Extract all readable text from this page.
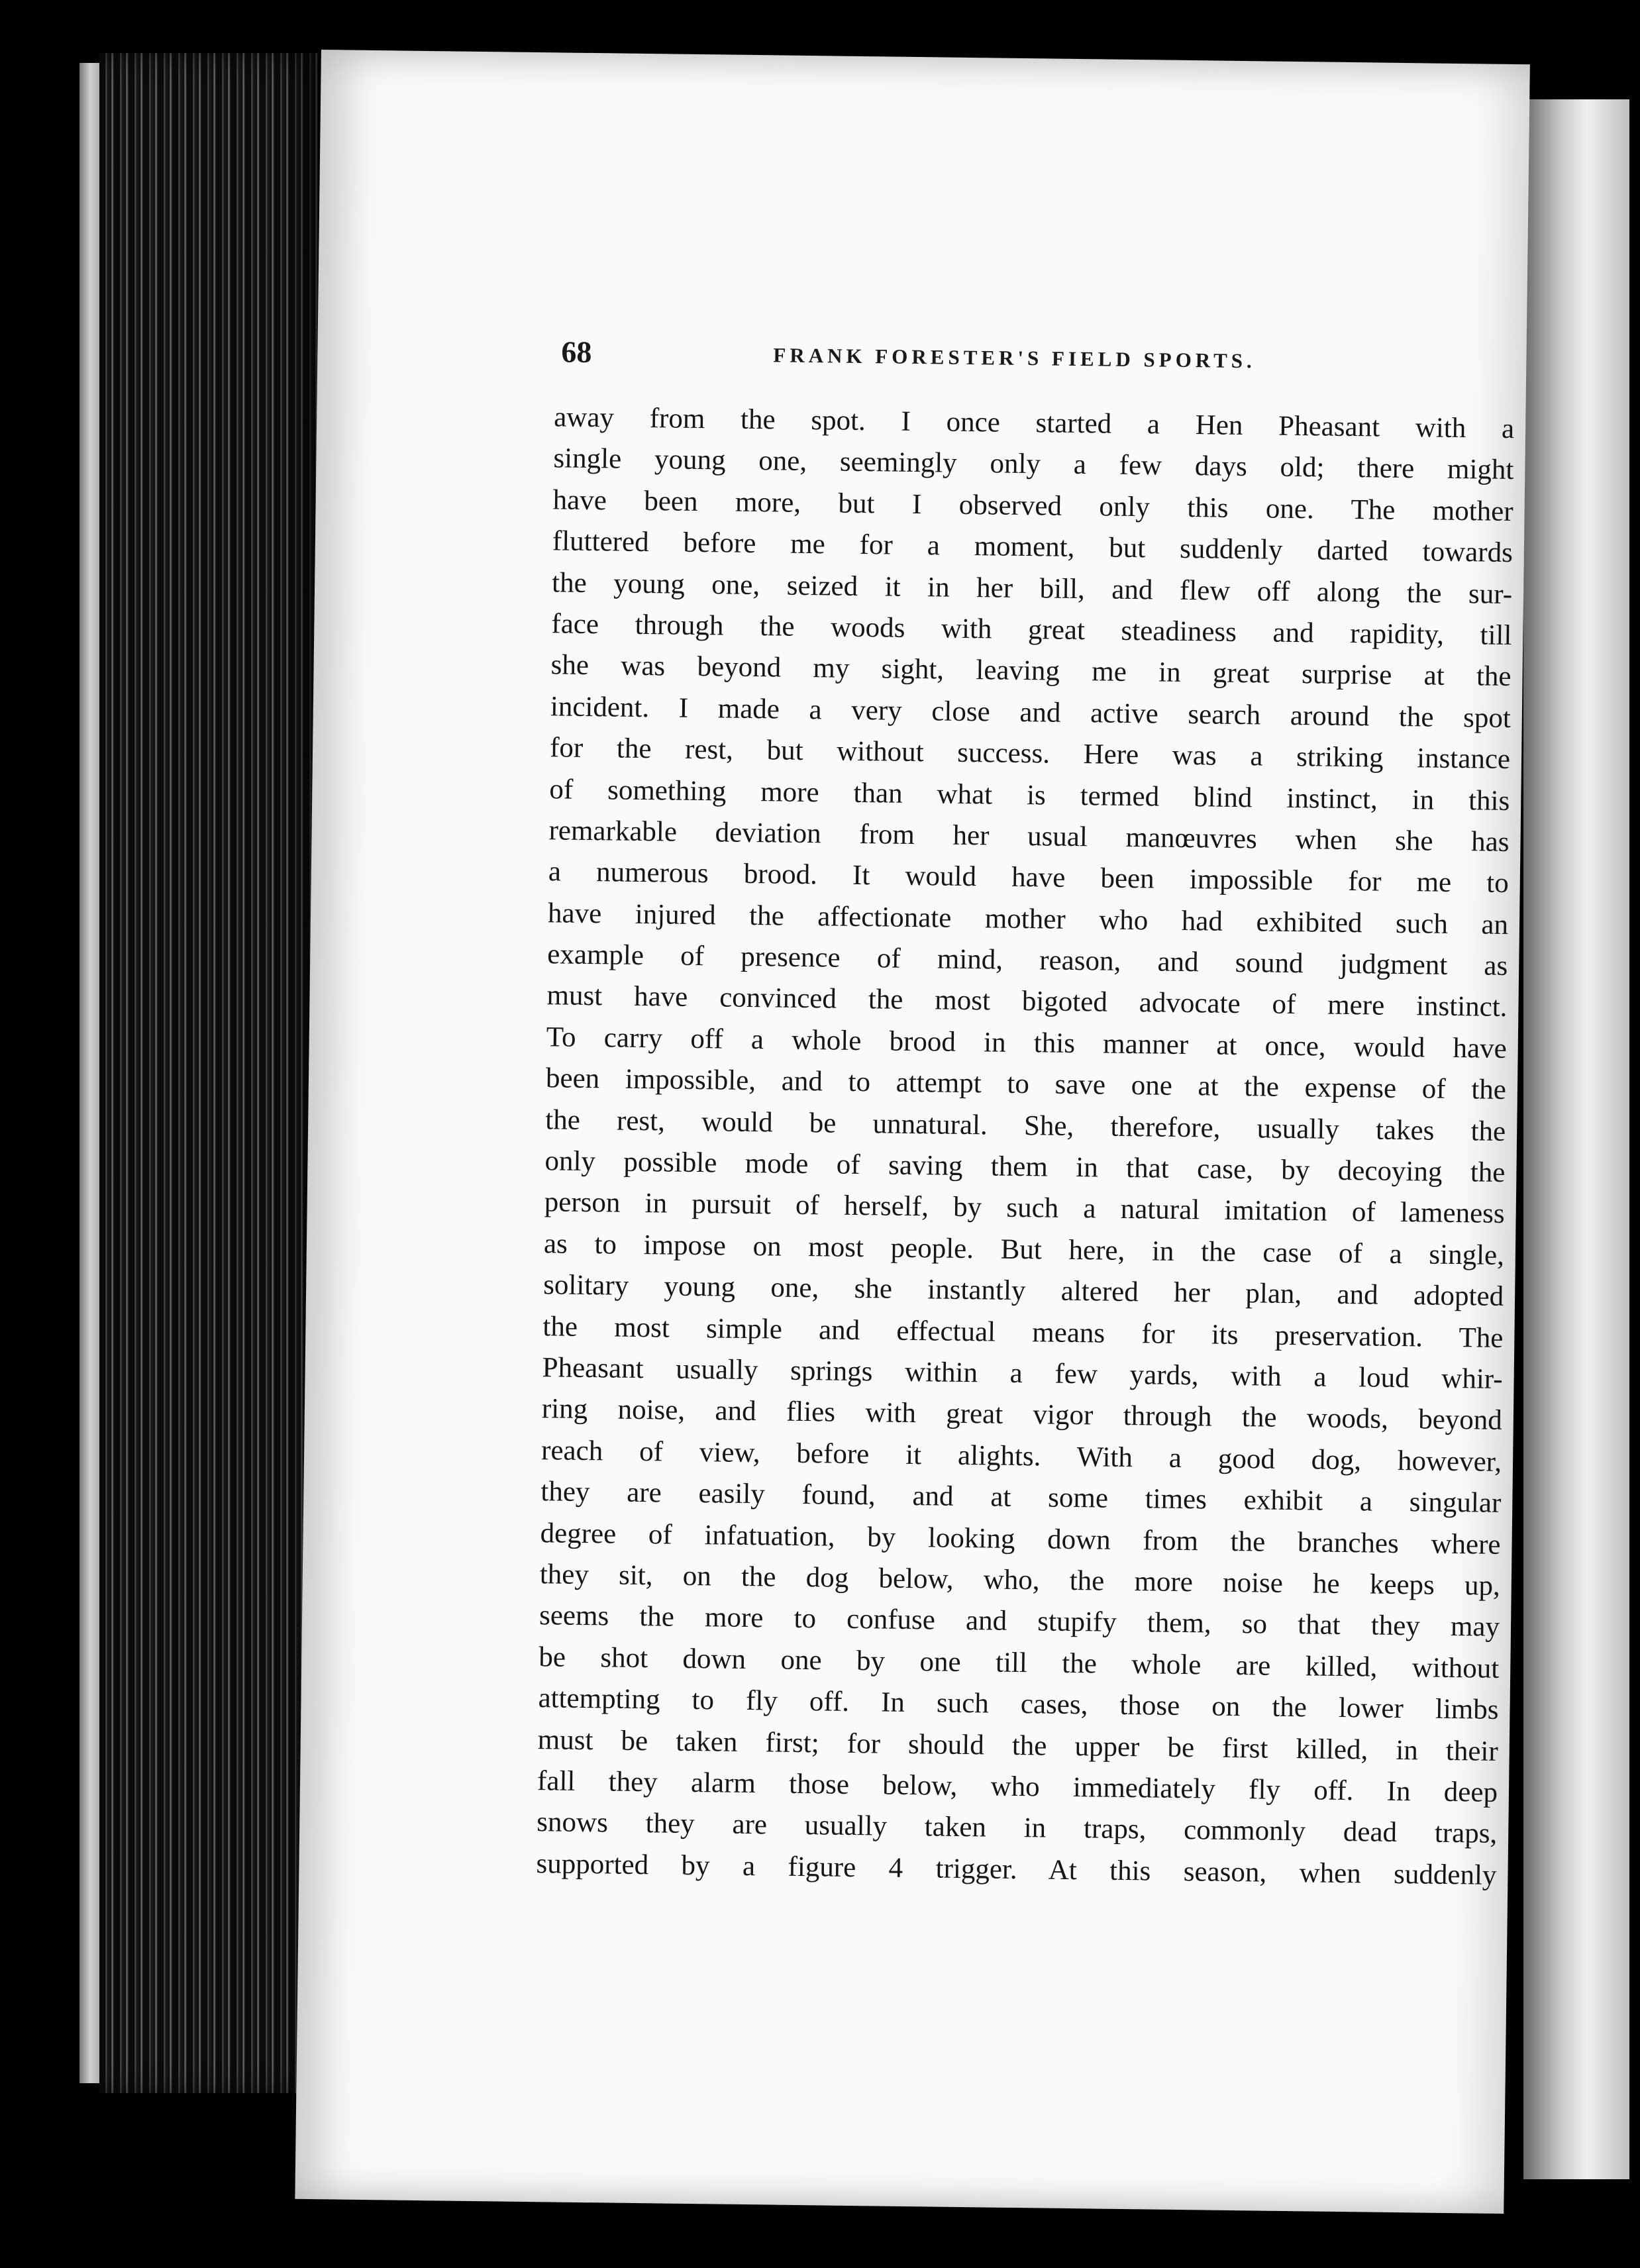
68	FRANK FORESTER'S FIELD SPORTS.
away from the spot. I once started a Hen Pheasant with a
single young one, seemingly only a few days old; there might
have been more, but I observed only this one. The mother
fluttered before me for a moment, but suddenly darted towards
the young one, seized it in her bill, and flew off along the sur-
face through the woods with great steadiness and rapidity, till
she was beyond my sight, leaving me in great surprise at the
incident. I made a very close and active search around the spot
for the rest, but without success. Here was a striking instance
of something more than what is termed blind instinct, in this
remarkable deviation from her usual manœuvres when she has
a numerous brood. It would have been impossible for me to
have injured the affectionate mother who had exhibited such an
example of presence of mind, reason, and sound judgment as
must have convinced the most bigoted advocate of mere instinct.
To carry off a whole brood in this manner at once, would have
been impossible, and to attempt to save one at the expense of the
the rest, would be unnatural. She, therefore, usually takes the
only possible mode of saving them in that case, by decoying the
person in pursuit of herself, by such a natural imitation of lameness
as to impose on most people. But here, in the case of a single,
solitary young one, she instantly altered her plan, and adopted
the most simple and effectual means for its preservation. The
Pheasant usually springs within a few yards, with a loud whir-
ring noise, and flies with great vigor through the woods, beyond
reach of view, before it alights. With a good dog, however,
they are easily found, and at some times exhibit a singular
degree of infatuation, by looking down from the branches where
they sit, on the dog below, who, the more noise he keeps up,
seems the more to confuse and stupify them, so that they may
be shot down one by one till the whole are killed, without
attempting to fly off. In such cases, those on the lower limbs
must be taken first; for should the upper be first killed, in their
fall they alarm those below, who immediately fly off. In deep
snows they are usually taken in traps, commonly dead traps,
supported by a figure 4 trigger. At this season, when suddenly
